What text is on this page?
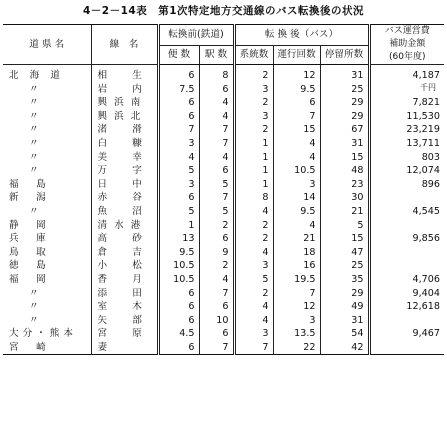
4－2－14表　第1次特定地方交通線のバス転換後の状況
道 県 名	線　名	転換前(鉄道)		転 換 後（バス）			バス運営費
補助金額
(60年度)

		便 数	駅 数	系統数	運行回数	停留所数	

北 海 道	相　　生	6	8	2	12	31	4,187
〃	岩　　内	7.5	6	3	9.5	25	
〃	興 浜 南	6	4	2	6	29	7,821
〃	興 浜 北	6	4	3	7	29	11,530
〃	渚　　滑	7	7	2	15	67	23,219
〃	白　　糠	3	7	1	4	31	13,711
〃	美　　幸	4	4	1	4	15	803
〃	万　　字	5	6	1	10.5	48	12,074
福　島	日　　中	3	5	1	3	23	896
新　潟	赤　　谷	6	7	8	14	30	
〃	魚　　沼	5	5	4	9.5	21	4,545
静　岡	清 水 港	1	2	2	4	5	
兵　庫	高　　砂	13	6	2	21	15	9,856
鳥　取	倉　　吉	9.5	9	4	18	47	
徳　島	小　　松	10.5	2	3	16	25	
福　岡	香　　月	10.5	4	5	19.5	35	4,706
〃	添　　田	6	7	2	7	29	9,404
〃	室　　木	6	6	4	12	49	12,618
〃	矢　　部	6	10	4	3	31	
大分・熊本	宮　　原	4.5	6	3	13.5	54	9,467
宮　崎	妻	6	7	7	22	42	
千円
